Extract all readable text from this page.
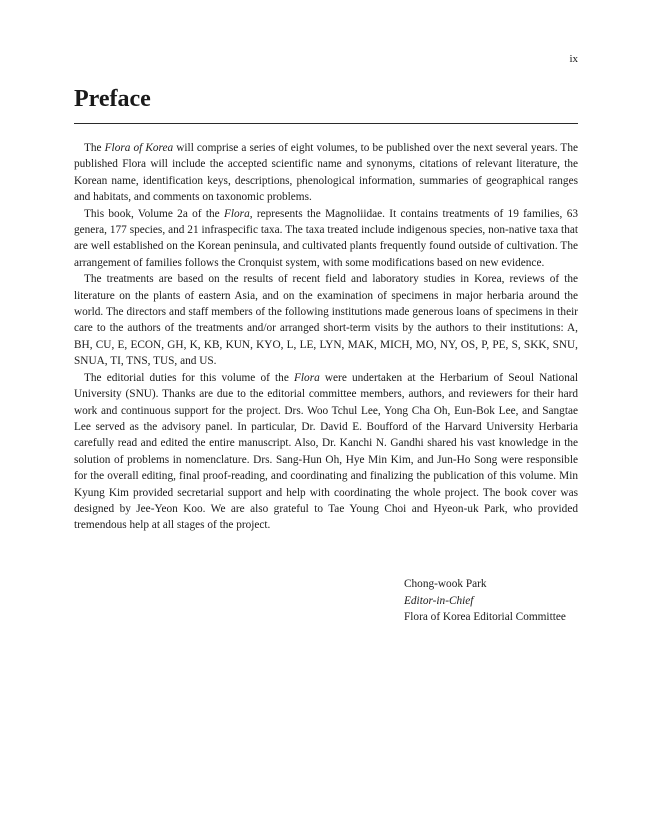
ix
Preface

The Flora of Korea will comprise a series of eight volumes, to be published over the next several years. The published Flora will include the accepted scientific name and synonyms, citations of relevant literature, the Korean name, identification keys, descriptions, phenological information, summaries of geographical ranges and habitats, and comments on taxonomic problems.

This book, Volume 2a of the Flora, represents the Magnoliidae. It contains treatments of 19 families, 63 genera, 177 species, and 21 infraspecific taxa. The taxa treated include indigenous species, non-native taxa that are well established on the Korean peninsula, and cultivated plants frequently found outside of cultivation. The arrangement of families follows the Cronquist system, with some modifications based on new evidence.

The treatments are based on the results of recent field and laboratory studies in Korea, reviews of the literature on the plants of eastern Asia, and on the examination of specimens in major herbaria around the world. The directors and staff members of the following institutions made generous loans of specimens in their care to the authors of the treatments and/or arranged short-term visits by the authors to their institutions: A, BH, CU, E, ECON, GH, K, KB, KUN, KYO, L, LE, LYN, MAK, MICH, MO, NY, OS, P, PE, S, SKK, SNU, SNUA, TI, TNS, TUS, and US.

The editorial duties for this volume of the Flora were undertaken at the Herbarium of Seoul National University (SNU). Thanks are due to the editorial committee members, authors, and reviewers for their hard work and continuous support for the project. Drs. Woo Tchul Lee, Yong Cha Oh, Eun-Bok Lee, and Sangtae Lee served as the advisory panel. In particular, Dr. David E. Boufford of the Harvard University Herbaria carefully read and edited the entire manuscript. Also, Dr. Kanchi N. Gandhi shared his vast knowledge in the solution of problems in nomenclature. Drs. Sang-Hun Oh, Hye Min Kim, and Jun-Ho Song were responsible for the overall editing, final proof-reading, and coordinating and finalizing the publication of this volume. Min Kyung Kim provided secretarial support and help with coordinating the whole project. The book cover was designed by Jee-Yeon Koo. We are also grateful to Tae Young Choi and Hyeon-uk Park, who provided tremendous help at all stages of the project.

Chong-wook Park
Editor-in-Chief
Flora of Korea Editorial Committee
